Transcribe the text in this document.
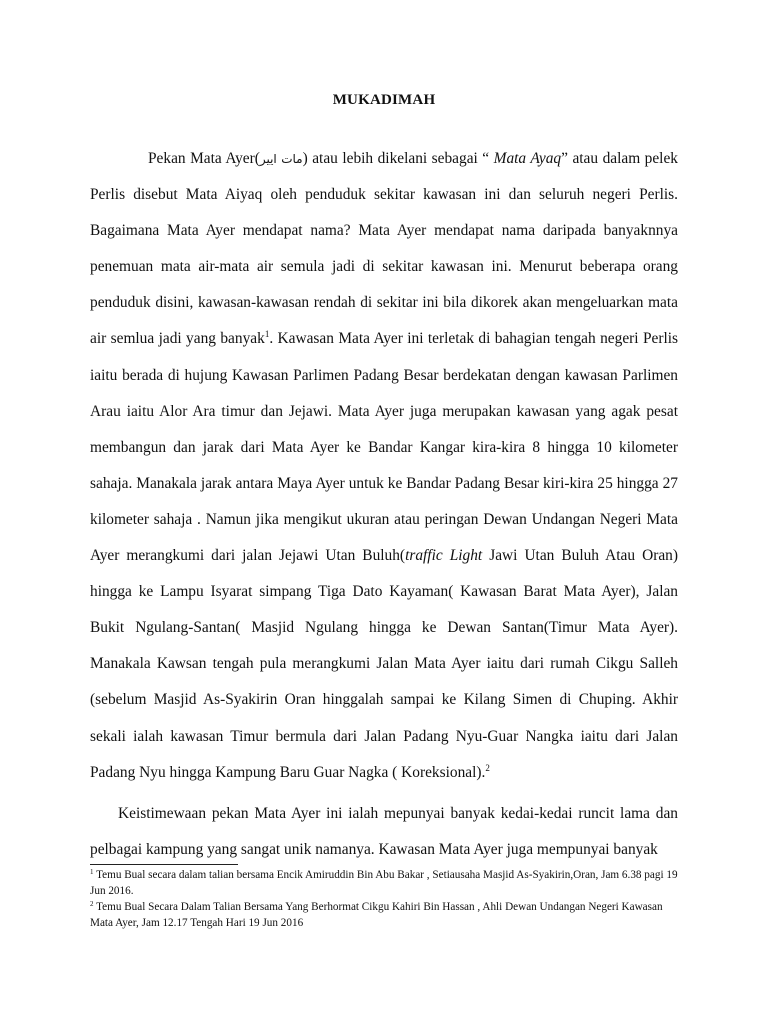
MUKADIMAH

Pekan Mata Ayer(ماﺕ اﻳﻴﺮ) atau lebih dikelani sebagai “ Mata Ayaq” atau dalam pelek Perlis disebut Mata Aiyaq oleh penduduk sekitar kawasan ini dan seluruh negeri Perlis. Bagaimana Mata Ayer mendapat nama? Mata Ayer mendapat nama daripada banyaknnya penemuan mata air-mata air semula jadi di sekitar kawasan ini. Menurut beberapa orang penduduk disini, kawasan-kawasan rendah di sekitar ini bila dikorek akan mengeluarkan mata air semlua jadi yang banyak$^1$. Kawasan Mata Ayer ini terletak di bahagian tengah negeri Perlis iaitu berada di hujung Kawasan Parlimen Padang Besar berdekatan dengan kawasan Parlimen Arau iaitu Alor Ara timur dan Jejawi. Mata Ayer juga merupakan kawasan yang agak pesat membangun dan jarak dari Mata Ayer ke Bandar Kangar kira-kira 8 hingga 10 kilometer sahaja. Manakala jarak antara Maya Ayer untuk ke Bandar Padang Besar kiri-kira 25 hingga 27 kilometer sahaja . Namun jika mengikut ukuran atau peringan Dewan Undangan Negeri Mata Ayer merangkumi dari jalan Jejawi Utan Buluh(traffic Light Jawi Utan Buluh Atau Oran) hingga ke Lampu Isyarat simpang Tiga Dato Kayaman( Kawasan Barat Mata Ayer), Jalan Bukit Ngulang-Santan( Masjid Ngulang hingga ke Dewan Santan(Timur Mata Ayer). Manakala Kawsan tengah pula merangkumi Jalan Mata Ayer iaitu dari rumah Cikgu Salleh (sebelum Masjid As-Syakirin Oran hinggalah sampai ke Kilang Simen di Chuping. Akhir sekali ialah kawasan Timur bermula dari Jalan Padang Nyu-Guar Nangka iaitu dari Jalan Padang Nyu hingga Kampung Baru Guar Nagka ( Koreksional).$^2$

Keistimewaan pekan Mata Ayer ini ialah mepunyai banyak kedai-kedai runcit lama dan pelbagai kampung yang sangat unik namanya. Kawasan Mata Ayer juga mempunyai banyak

$^1$ Temu Bual secara dalam talian bersama Encik Amiruddin Bin Abu Bakar , Setiausaha Masjid As-Syakirin,Oran, Jam 6.38 pagi 19 Jun 2016.

$^2$ Temu Bual Secara Dalam Talian Bersama Yang Berhormat Cikgu Kahiri Bin Hassan , Ahli Dewan Undangan Negeri Kawasan Mata Ayer, Jam 12.17 Tengah Hari 19 Jun 2016
